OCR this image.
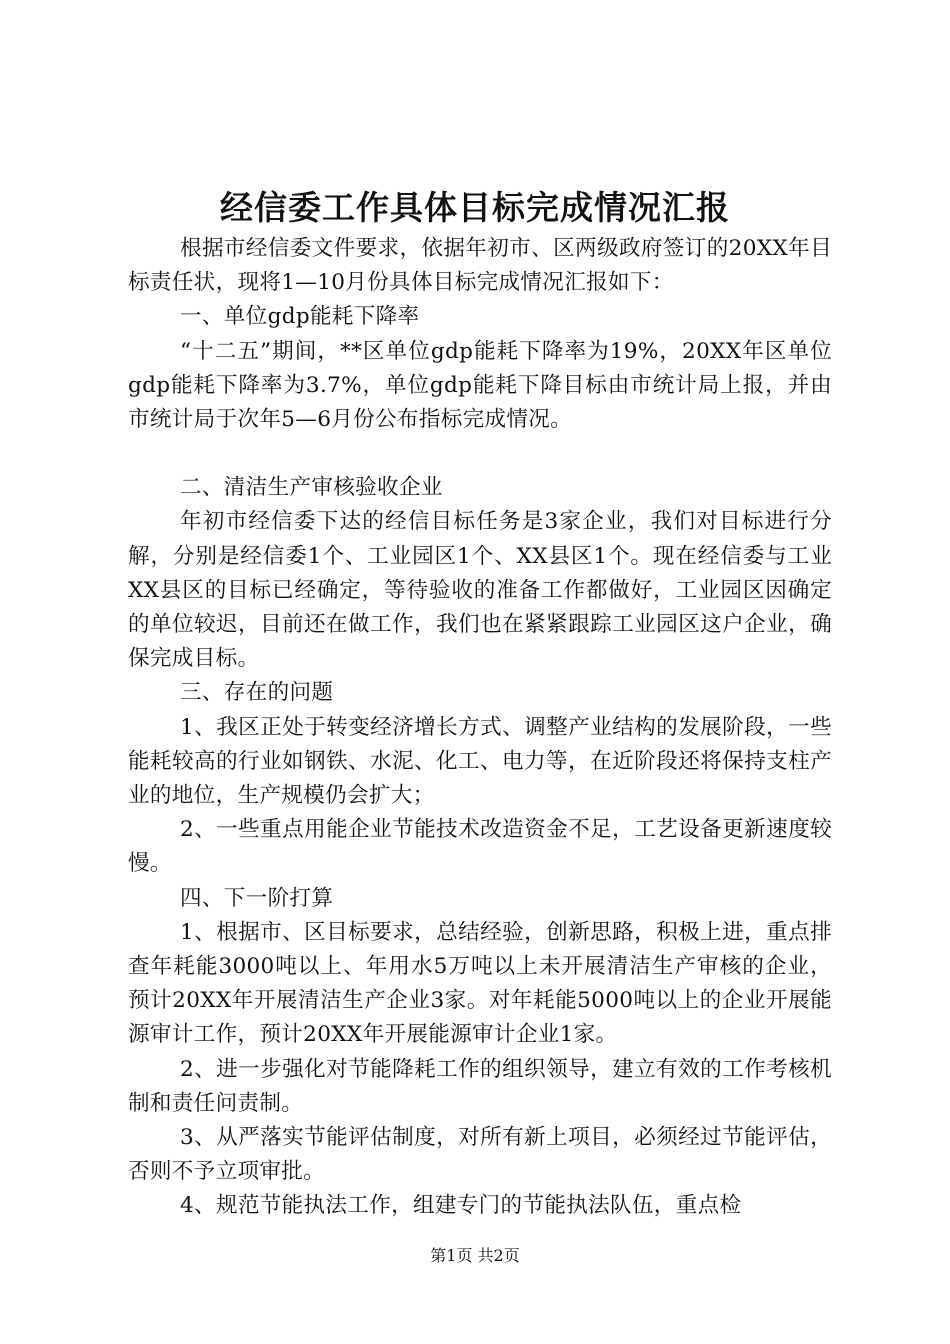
经信委工作具体目标完成情况汇报

根据市经信委文件要求，依据年初市、区两级政府签订的20XX年目标责任状，现将1—10月份具体目标完成情况汇报如下：

一、单位gdp能耗下降率

“十二五”期间，**区单位gdp能耗下降率为19%，20XX年区单位gdp能耗下降率为3.7%，单位gdp能耗下降目标由市统计局上报，并由市统计局于次年5—6月份公布指标完成情况。

二、清洁生产审核验收企业

年初市经信委下达的经信目标任务是3家企业，我们对目标进行分解，分别是经信委1个、工业园区1个、XX县区1个。现在经信委与工业XX县区的目标已经确定，等待验收的准备工作都做好，工业园区因确定的单位较迟，目前还在做工作，我们也在紧紧跟踪工业园区这户企业，确保完成目标。

三、存在的问题

1、我区正处于转变经济增长方式、调整产业结构的发展阶段，一些能耗较高的行业如钢铁、水泥、化工、电力等，在近阶段还将保持支柱产业的地位，生产规模仍会扩大；

2、一些重点用能企业节能技术改造资金不足，工艺设备更新速度较慢。

四、下一阶打算

1、根据市、区目标要求，总结经验，创新思路，积极上进，重点排查年耗能3000吨以上、年用水5万吨以上未开展清洁生产审核的企业，预计20XX年开展清洁生产企业3家。对年耗能5000吨以上的企业开展能源审计工作，预计20XX年开展能源审计企业1家。

2、进一步强化对节能降耗工作的组织领导，建立有效的工作考核机制和责任问责制。

3、从严落实节能评估制度，对所有新上项目，必须经过节能评估，否则不予立项审批。

4、规范节能执法工作，组建专门的节能执法队伍，重点检

第1页 共2页
